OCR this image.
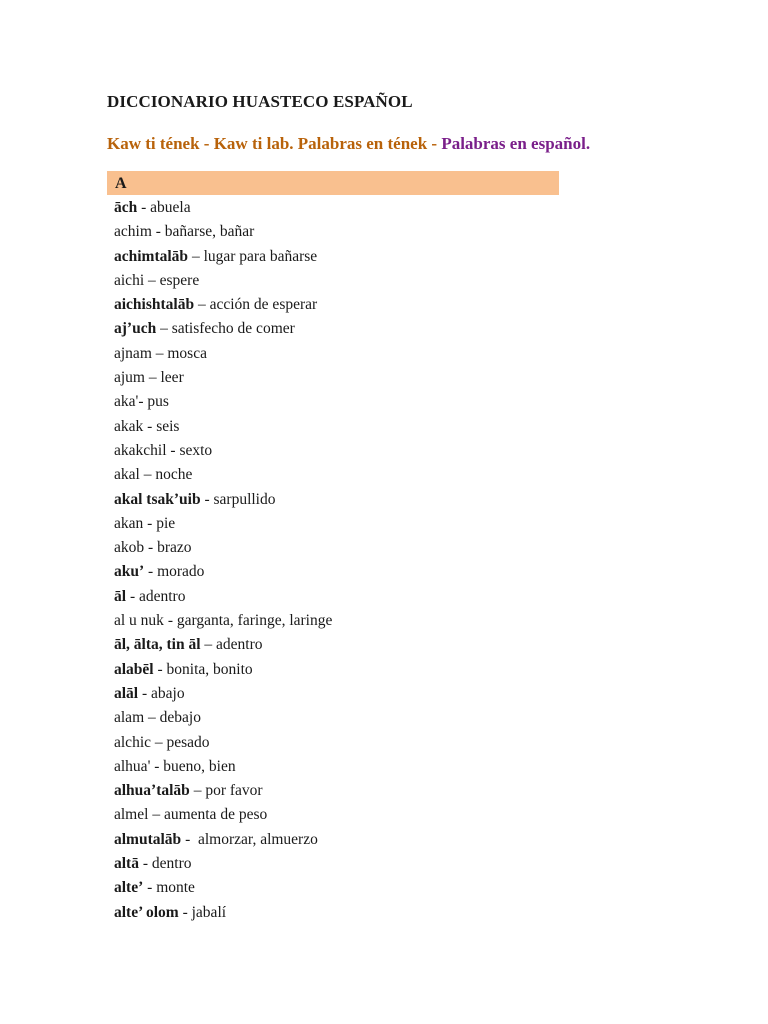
DICCIONARIO HUASTECO ESPAÑOL

Kaw ti tének - Kaw ti lab. Palabras en tének - Palabras en español.

A
āch - abuela
achim - bañarse, bañar
achimtalāb – lugar para bañarse
aichi – espere
aichishtalāb – acción de esperar
aj’uch – satisfecho de comer
ajnam – mosca
ajum – leer
aka'- pus
akak - seis
akakchil - sexto
akal – noche
akal tsak’uib - sarpullido
akan - pie
akob - brazo
aku’ - morado
āl - adentro
al u nuk - garganta, faringe, laringe
āl, ālta, tin āl – adentro
alabēl - bonita, bonito
alāl - abajo
alam – debajo
alchic – pesado
alhua' - bueno, bien
alhua’talāb – por favor
almel – aumenta de peso
almutalāb -  almorzar, almuerzo
altā - dentro
alte’ - monte
alte’ olom - jabalí
